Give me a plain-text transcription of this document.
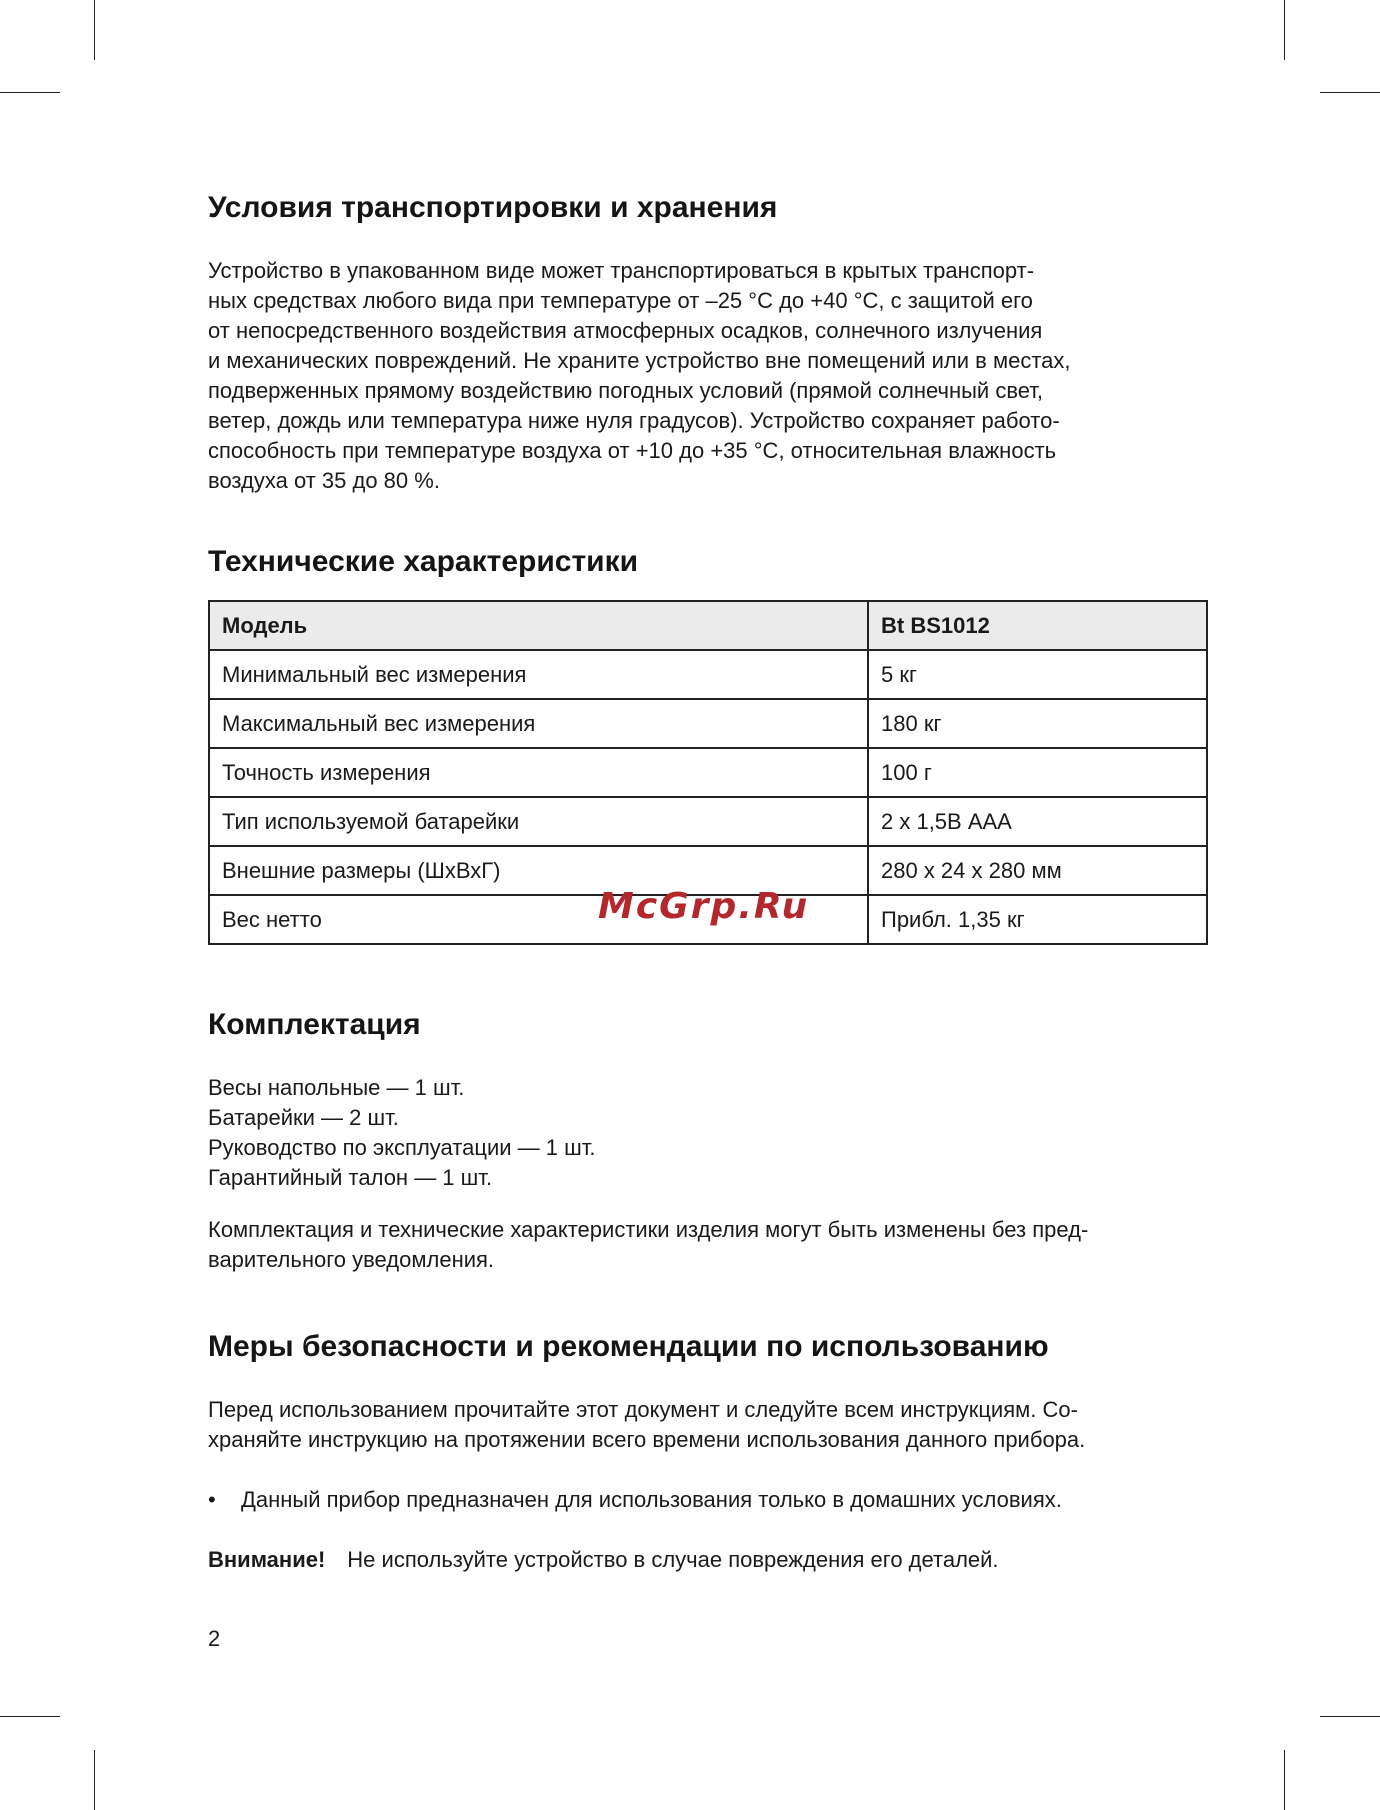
Условия транспортировки и хранения

Устройство в упакованном виде может транспортироваться в крытых транспорт-
ных средствах любого вида при температуре от –25 °С до +40 °С, с защитой его
от непосредственного воздействия атмосферных осадков, солнечного излучения
и механических повреждений. Не храните устройство вне помещений или в местах,
подверженных прямому воздействию погодных условий (прямой солнечный свет,
ветер, дождь или температура ниже нуля градусов). Устройство сохраняет работо-
способность при температуре воздуха от +10 до +35 °С, относительная влажность
воздуха от 35 до 80 %.

Технические характеристики
Модель	Bt BS1012
Минимальный вес измерения	5 кг
Максимальный вес измерения	180 кг
Точность измерения	100 г
Тип используемой батарейки	2 x 1,5В AAA
Внешние размеры (ШхВхГ)	280 x 24 x 280 мм
Вес нетто	Прибл. 1,35 кг
Комплектация
Весы напольные — 1 шт.
Батарейки — 2 шт.
Руководство по эксплуатации — 1 шт.
Гарантийный талон — 1 шт.

Комплектация и технические характеристики изделия могут быть изменены без пред-
варительного уведомления.

Меры безопасности и рекомендации по использованию

Перед использованием прочитайте этот документ и следуйте всем инструкциям. Со-
храняйте инструкцию на протяжении всего времени использования данного прибора.

•	Данный прибор предназначен для использования только в домашних условиях.
Внимание! Не используйте устройство в случае повреждения его деталей.
2
McGrp.Ru
